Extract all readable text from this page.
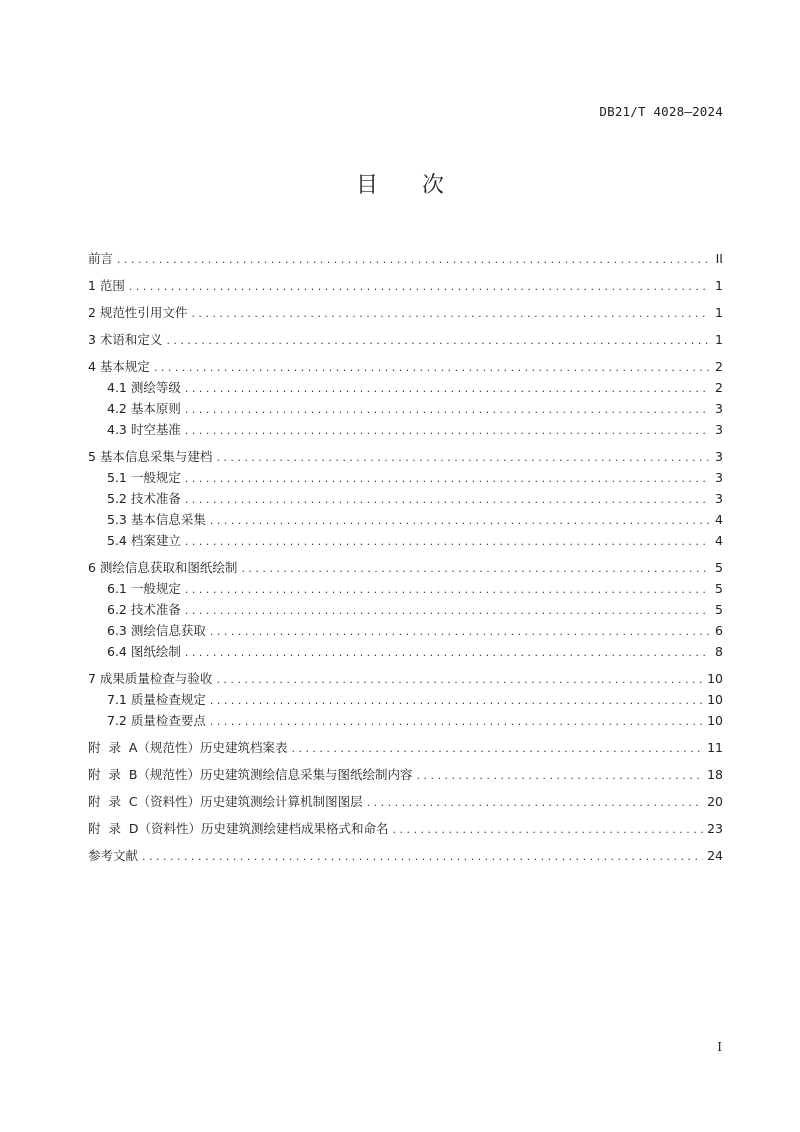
DB21/T 4028—2024
目 次
前言 . . .	II
1 范围 . . .	1
2 规范性引用文件 . . .	1
3 术语和定义 . . .	1
4 基本规定 . . .	2
4.1 测绘等级 . . .	2
4.2 基本原则 . . .	3
4.3 时空基准 . . .	3
5 基本信息采集与建档 . . .	3
5.1 一般规定 . . .	3
5.2 技术准备 . . .	3
5.3 基本信息采集 . . .	4
5.4 档案建立 . . .	4
6 测绘信息获取和图纸绘制 . . .	5
6.1 一般规定 . . .	5
6.2 技术准备 . . .	5
6.3 测绘信息获取 . . .	6
6.4 图纸绘制 . . .	8
7 成果质量检查与验收 . . .	10
7.1 质量检查规定 . . .	10
7.2 质量检查要点 . . .	10
附  录  A（规范性）历史建筑档案表 . . .	11
附  录  B（规范性）历史建筑测绘信息采集与图纸绘制内容 . . .	18
附  录  C（资料性）历史建筑测绘计算机制图图层 . . .	20
附  录  D（资料性）历史建筑测绘建档成果格式和命名 . . .	23
参考文献 . . .	24
I
